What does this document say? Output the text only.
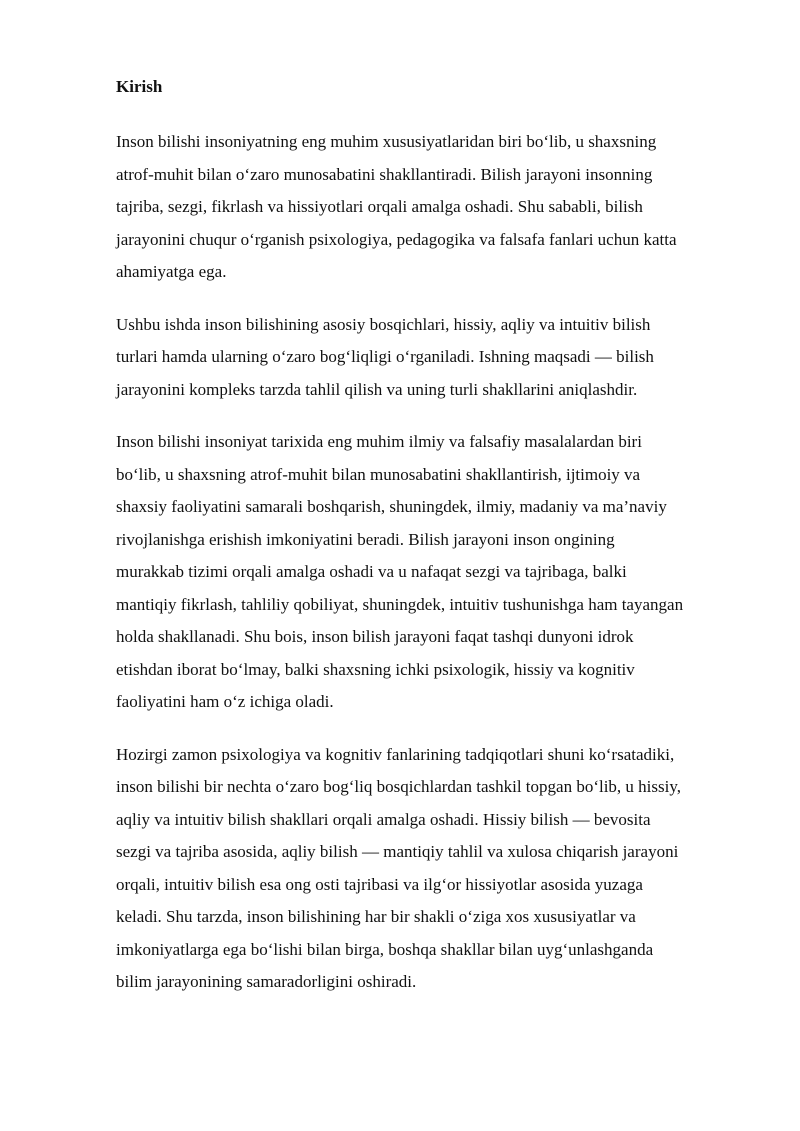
Kirish
Inson bilishi insoniyatning eng muhim xususiyatlaridan biri bo‘lib, u shaxsning
atrof-muhit bilan o‘zaro munosabatini shakllantiradi. Bilish jarayoni insonning
tajriba, sezgi, fikrlash va hissiyotlari orqali amalga oshadi. Shu sababli, bilish
jarayonini chuqur o‘rganish psixologiya, pedagogika va falsafa fanlari uchun katta
ahamiyatga ega.
Ushbu ishda inson bilishining asosiy bosqichlari, hissiy, aqliy va intuitiv bilish
turlari hamda ularning o‘zaro bog‘liqligi o‘rganiladi. Ishning maqsadi — bilish
jarayonini kompleks tarzda tahlil qilish va uning turli shakllarini aniqlashdir.
Inson bilishi insoniyat tarixida eng muhim ilmiy va falsafiy masalalardan biri
bo‘lib, u shaxsning atrof-muhit bilan munosabatini shakllantirish, ijtimoiy va
shaxsiy faoliyatini samarali boshqarish, shuningdek, ilmiy, madaniy va ma’naviy
rivojlanishga erishish imkoniyatini beradi. Bilish jarayoni inson ongining
murakkab tizimi orqali amalga oshadi va u nafaqat sezgi va tajribaga, balki
mantiqiy fikrlash, tahliliy qobiliyat, shuningdek, intuitiv tushunishga ham tayangan
holda shakllanadi. Shu bois, inson bilish jarayoni faqat tashqi dunyoni idrok
etishdan iborat bo‘lmay, balki shaxsning ichki psixologik, hissiy va kognitiv
faoliyatini ham o‘z ichiga oladi.
Hozirgi zamon psixologiya va kognitiv fanlarining tadqiqotlari shuni ko‘rsatadiki,
inson bilishi bir nechta o‘zaro bog‘liq bosqichlardan tashkil topgan bo‘lib, u hissiy,
aqliy va intuitiv bilish shakllari orqali amalga oshadi. Hissiy bilish — bevosita
sezgi va tajriba asosida, aqliy bilish — mantiqiy tahlil va xulosa chiqarish jarayoni
orqali, intuitiv bilish esa ong osti tajribasi va ilg‘or hissiyotlar asosida yuzaga
keladi. Shu tarzda, inson bilishining har bir shakli o‘ziga xos xususiyatlar va
imkoniyatlarga ega bo‘lishi bilan birga, boshqa shakllar bilan uyg‘unlashganda
bilim jarayonining samaradorligini oshiradi.
